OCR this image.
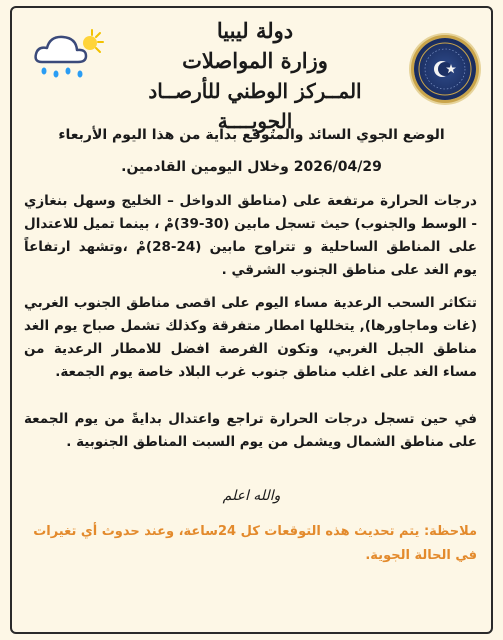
دولة ليبيا
وزارة المواصلات
المــركز الوطني للأرصــاد الجويــــة
الوضع الجوي السائد والمتوقع بداية من هذا اليوم الأربعاء
2026/04/29 وخلال اليومين القادمين.
درجات الحرارة مرتفعة على (مناطق الدواخل – الخليج وسهل بنغازي - الوسط والجنوب) حيث تسجل مابين (30-39)مْ ، بينما تميل للاعتدال على المناطق الساحلية و تتراوح مابين (24-28)مْ ،وتشهد ارتفاعاً يوم الغد على مناطق الجنوب الشرقي .
تتكاثر السحب الرعدية مساء اليوم على اقصى مناطق الجنوب الغربي (غات وماجاورها), يتخللها امطار متفرقة وكذلك تشمل صباح يوم الغد مناطق الجبل الغربي، وتكون الفرصة افضل للامطار الرعدية من مساء الغد على اغلب مناطق جنوب غرب البلاد خاصة يوم الجمعة.
في حين تسجل درجات الحرارة تراجع واعتدال بدايةً من يوم الجمعة على مناطق الشمال ويشمل من يوم السبت المناطق الجنوبية .
والله اعلم
ملاحظة: يتم تحديث هذه التوقعات كل 24ساعة، وعند حدوث أي تغيرات في الحالة الجوية.
